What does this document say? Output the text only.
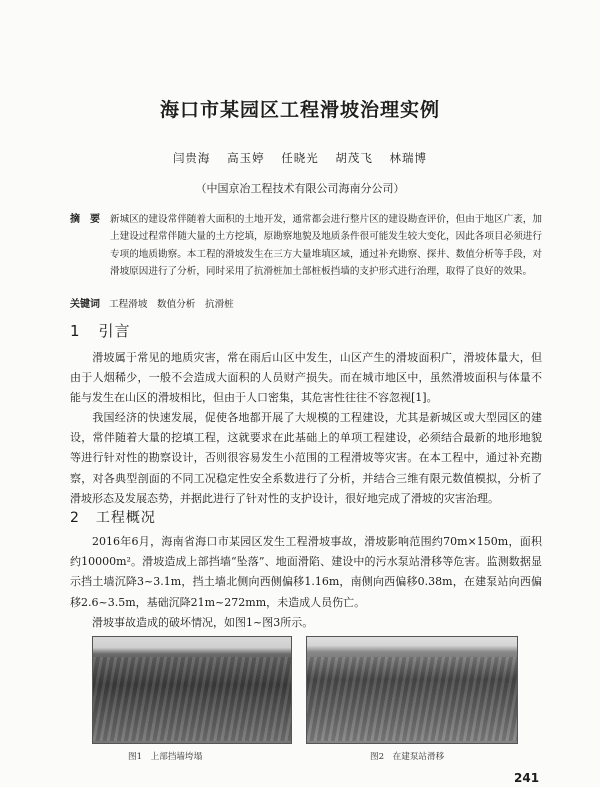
海口市某园区工程滑坡治理实例
闫贵海 高玉婷 任晓光 胡茂飞 林瑞博
（中国京冶工程技术有限公司海南分公司）
摘　要 新城区的建设常伴随着大面积的土地开发，通常都会进行整片区的建设勘查评价，但由于地区广袤，加上建设过程常伴随大量的土方挖填，原勘察地貌及地质条件很可能发生较大变化，因此各项目必须进行专项的地质勘察。本工程的滑坡发生在三方大量堆填区域，通过补充勘察、探井、数值分析等手段，对滑坡原因进行了分析，同时采用了抗滑桩加土部桩板挡墙的支护形式进行治理，取得了良好的效果。
关键词 工程滑坡　数值分析　抗滑桩
1 引言
滑坡属于常见的地质灾害，常在雨后山区中发生，山区产生的滑坡面积广，滑坡体量大，但由于人烟稀少，一般不会造成大面积的人员财产损失。而在城市地区中，虽然滑坡面积与体量不能与发生在山区的滑坡相比，但由于人口密集，其危害性往往不容忽视[1]。
我国经济的快速发展，促使各地都开展了大规模的工程建设，尤其是新城区或大型园区的建设，常伴随着大量的挖填工程，这就要求在此基础上的单项工程建设，必须结合最新的地形地貌等进行针对性的勘察设计，否则很容易发生小范围的工程滑坡等灾害。在本工程中，通过补充勘察，对各典型剖面的不同工况稳定性安全系数进行了分析，并结合三维有限元数值模拟，分析了滑坡形态及发展态势，并据此进行了针对性的支护设计，很好地完成了滑坡的灾害治理。
2 工程概况
2016年6月，海南省海口市某园区发生工程滑坡事故，滑坡影响范围约70m×150m，面积约10000m²。滑坡造成上部挡墙“坠落”、地面滑陷、建设中的污水泵站滑移等危害。监测数据显示挡土墙沉降3~3.1m，挡土墙北侧向西侧偏移1.16m，南侧向西偏移0.38m，在建泵站向西偏移2.6~3.5m，基础沉降21m~272mm，未造成人员伤亡。
滑坡事故造成的破坏情况，如图1~图3所示。
图1　上部挡墙垮塌	图2　在建泵站滑移
241
